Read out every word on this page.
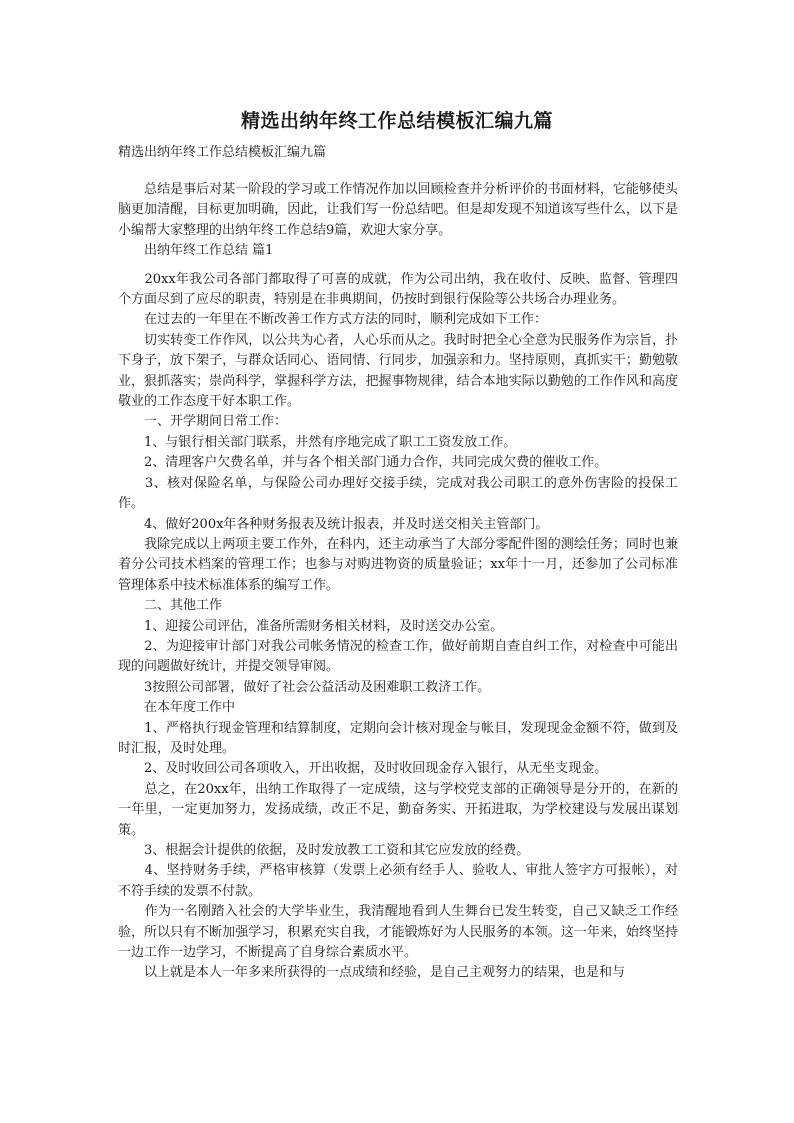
精选出纳年终工作总结模板汇编九篇
精选出纳年终工作总结模板汇编九篇

　　总结是事后对某一阶段的学习或工作情况作加以回顾检查并分析评价的书面材料，它能够使头脑更加清醒，目标更加明确，因此，让我们写一份总结吧。但是却发现不知道该写些什么，以下是小编帮大家整理的出纳年终工作总结9篇，欢迎大家分享。

　　出纳年终工作总结 篇1

　　20xx年我公司各部门都取得了可喜的成就，作为公司出纳，我在收付、反映、监督、管理四个方面尽到了应尽的职责，特别是在非典期间，仍按时到银行保险等公共场合办理业务。

　　在过去的一年里在不断改善工作方式方法的同时，顺利完成如下工作：

　　切实转变工作作风，以公共为心者，人心乐而从之。我时时把全心全意为民服务作为宗旨，扑下身子，放下架子，与群众话同心、语同情、行同步，加强亲和力。坚持原则，真抓实干；勤勉敬业，狠抓落实；崇尚科学，掌握科学方法，把握事物规律，结合本地实际以勤勉的工作作风和高度敬业的工作态度干好本职工作。

　　一、开学期间日常工作：

　　1、与银行相关部门联系，井然有序地完成了职工工资发放工作。

　　2、清理客户欠费名单，并与各个相关部门通力合作，共同完成欠费的催收工作。

　　3、核对保险名单，与保险公司办理好交接手续，完成对我公司职工的意外伤害险的投保工作。

　　4、做好200x年各种财务报表及统计报表，并及时送交相关主管部门。

　　我除完成以上两项主要工作外，在科内，还主动承当了大部分零配件图的测绘任务；同时也兼着分公司技术档案的管理工作；也参与对购进物资的质量验证；xx年十一月，还参加了公司标准管理体系中技术标准体系的编写工作。

　　二、其他工作

　　1、迎接公司评估，准备所需财务相关材料，及时送交办公室。

　　2、为迎接审计部门对我公司帐务情况的检查工作，做好前期自查自纠工作，对检查中可能出现的问题做好统计，并提交领导审阅。

　　3按照公司部署，做好了社会公益活动及困难职工救济工作。

　　在本年度工作中

　　1、严格执行现金管理和结算制度，定期向会计核对现金与帐目，发现现金金额不符，做到及时汇报，及时处理。

　　2、及时收回公司各项收入，开出收据，及时收回现金存入银行，从无坐支现金。

　　总之，在20xx年，出纳工作取得了一定成绩，这与学校党支部的正确领导是分开的，在新的一年里，一定更加努力，发扬成绩，改正不足，勤奋务实、开拓进取，为学校建设与发展出谋划策。

　　3、根据会计提供的依据，及时发放教工工资和其它应发放的经费。

　　4、坚持财务手续，严格审核算（发票上必须有经手人、验收人、审批人签字方可报帐），对不符手续的发票不付款。

　　作为一名刚踏入社会的大学毕业生，我清醒地看到人生舞台已发生转变，自己又缺乏工作经验，所以只有不断加强学习，积累充实自我，才能锻炼好为人民服务的本领。这一年来，始终坚持一边工作一边学习，不断提高了自身综合素质水平。

　　以上就是本人一年多来所获得的一点成绩和经验，是自己主观努力的结果，也是和与
